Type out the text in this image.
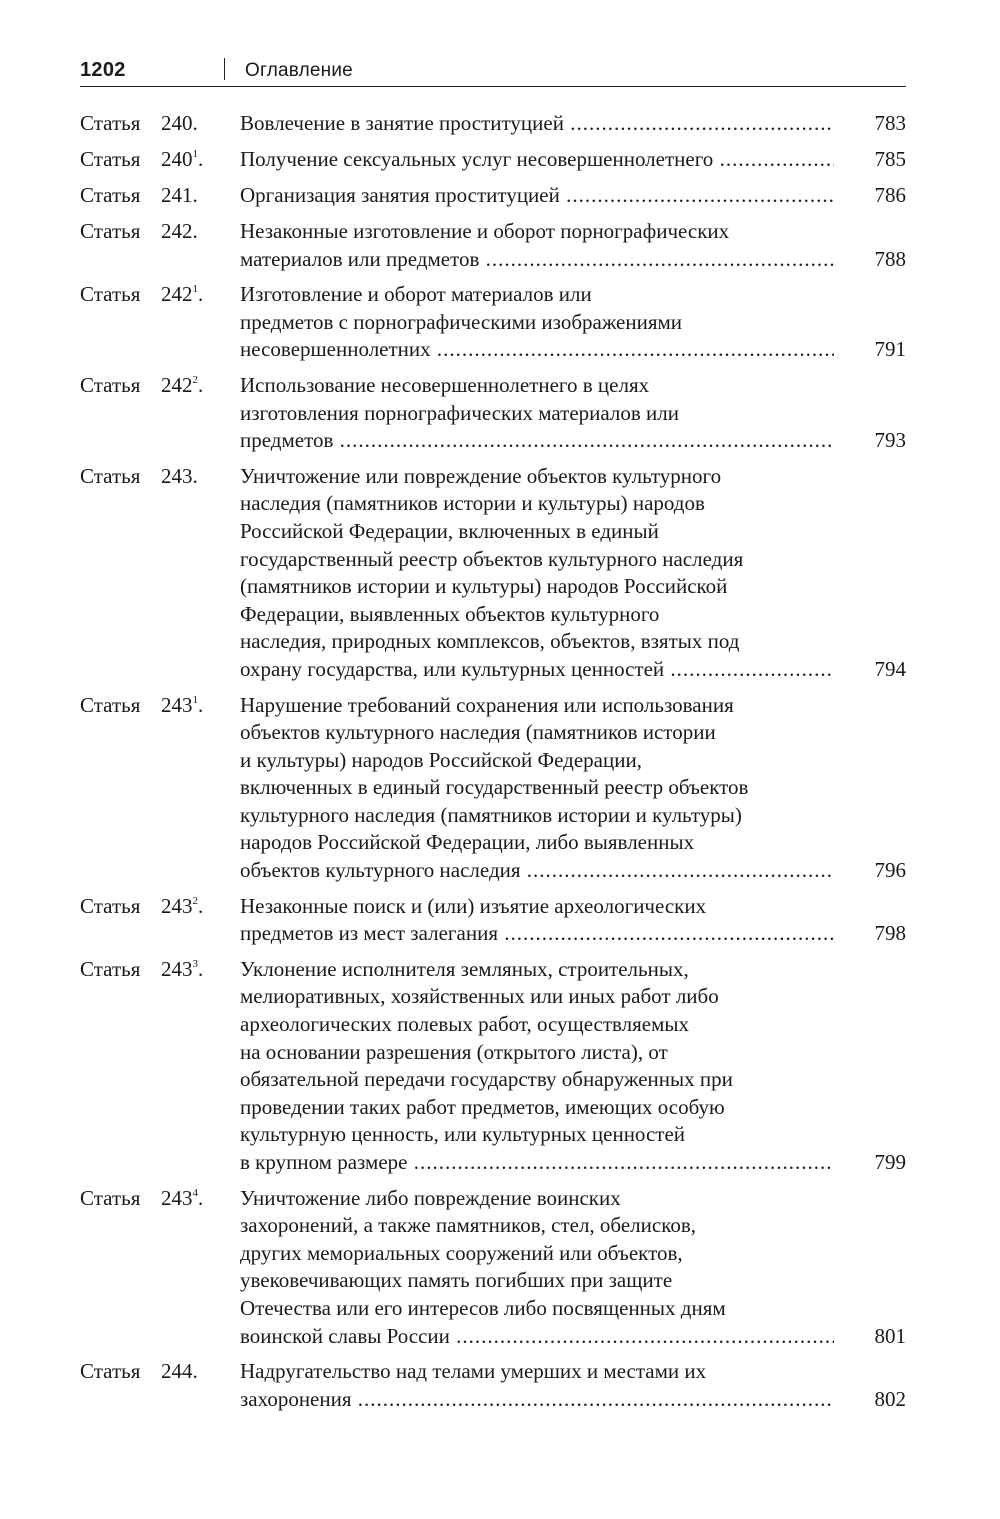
1202	Оглавление
Статья 240. Вовлечение в занятие проституцией .....	783
Статья $240^1$. Получение сексуальных услуг несовершеннолетнего .....	785
Статья 241. Организация занятия проституцией .....	786
Статья 242. Незаконные изготовление и оборот порнографических
материалов или предметов .....	788
Статья $242^1$. Изготовление и оборот материалов или
предметов с порнографическими изображениями
несовершеннолетних .....	791
Статья $242^2$. Использование несовершеннолетнего в целях
изготовления порнографических материалов или
предметов .....	793
Статья 243. Уничтожение или повреждение объектов культурного
наследия (памятников истории и культуры) народов
Российской Федерации, включенных в единый
государственный реестр объектов культурного наследия
(памятников истории и культуры) народов Российской
Федерации, выявленных объектов культурного
наследия, природных комплексов, объектов, взятых под
охрану государства, или культурных ценностей .....	794
Статья $243^1$. Нарушение требований сохранения или использования
объектов культурного наследия (памятников истории
и культуры) народов Российской Федерации,
включенных в единый государственный реестр объектов
культурного наследия (памятников истории и культуры)
народов Российской Федерации, либо выявленных
объектов культурного наследия .....	796
Статья $243^2$. Незаконные поиск и (или) изъятие археологических
предметов из мест залегания .....	798
Статья $243^3$. Уклонение исполнителя земляных, строительных,
мелиоративных, хозяйственных или иных работ либо
археологических полевых работ, осуществляемых
на основании разрешения (открытого листа), от
обязательной передачи государству обнаруженных при
проведении таких работ предметов, имеющих особую
культурную ценность, или культурных ценностей
в крупном размере .....	799
Статья $243^4$. Уничтожение либо повреждение воинских
захоронений, а также памятников, стел, обелисков,
других мемориальных сооружений или объектов,
увековечивающих память погибших при защите
Отечества или его интересов либо посвященных дням
воинской славы России .....	801
Статья 244. Надругательство над телами умерших и местами их
захоронения .....	802
